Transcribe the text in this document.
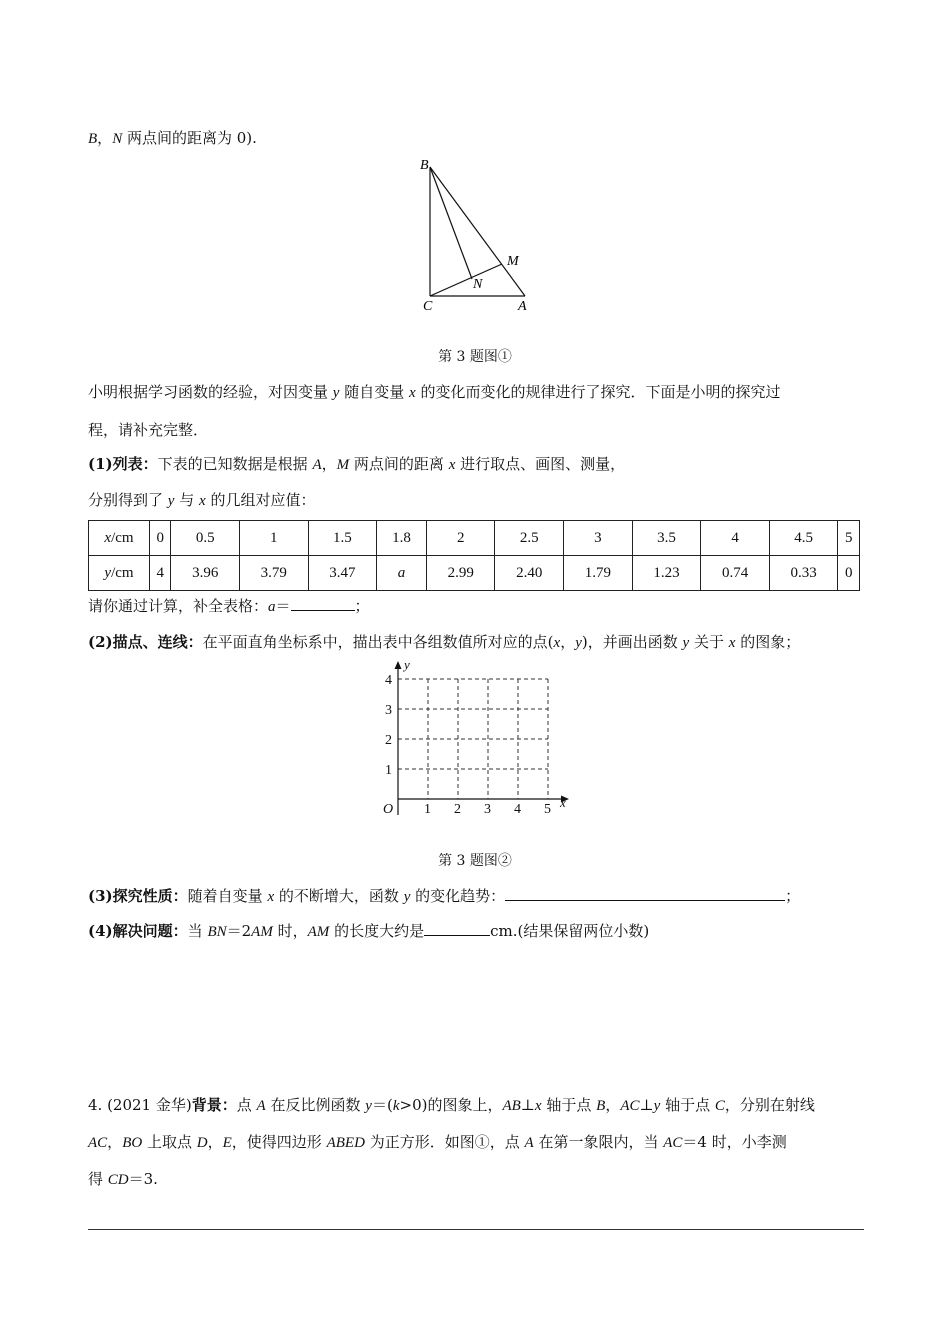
B，N 两点间的距离为 0).
B
M
N
C	A
第 3 题图①
小明根据学习函数的经验，对因变量 y 随自变量 x 的变化而变化的规律进行了探究．下面是小明的探究过
程，请补充完整．
(1)列表：下表的已知数据是根据 A，M 两点间的距离 x 进行取点、画图、测量，
分别得到了 y 与 x 的几组对应值：
x/cm	0	0.5	1	1.5	1.8	2	2.5	3	3.5	4	4.5	5
y/cm	4	3.96	3.79	3.47	a	2.99	2.40	1.79	1.23	0.74	0.33	0
请你通过计算，补全表格：a＝	；
(2)描点、连线：在平面直角坐标系中，描出表中各组数值所对应的点(x，y)，并画出函数 y 关于 x 的图象；
1 2 3 4 5
1
2
3
4
O	x
y
第 3 题图②
(3)探究性质：随着自变量 x 的不断增大，函数 y 的变化趋势：	；
(4)解决问题：当 BN＝2AM 时，AM 的长度大约是	cm.(结果保留两位小数)
4. (2021 金华)背景：点 A 在反比例函数 y＝(k>0)的图象上，AB⊥x 轴于点 B，AC⊥y 轴于点 C，分别在射线
AC，BO 上取点 D，E，使得四边形 ABED 为正方形．如图①，点 A 在第一象限内，当 AC＝4 时，小李测
得 CD＝3.
